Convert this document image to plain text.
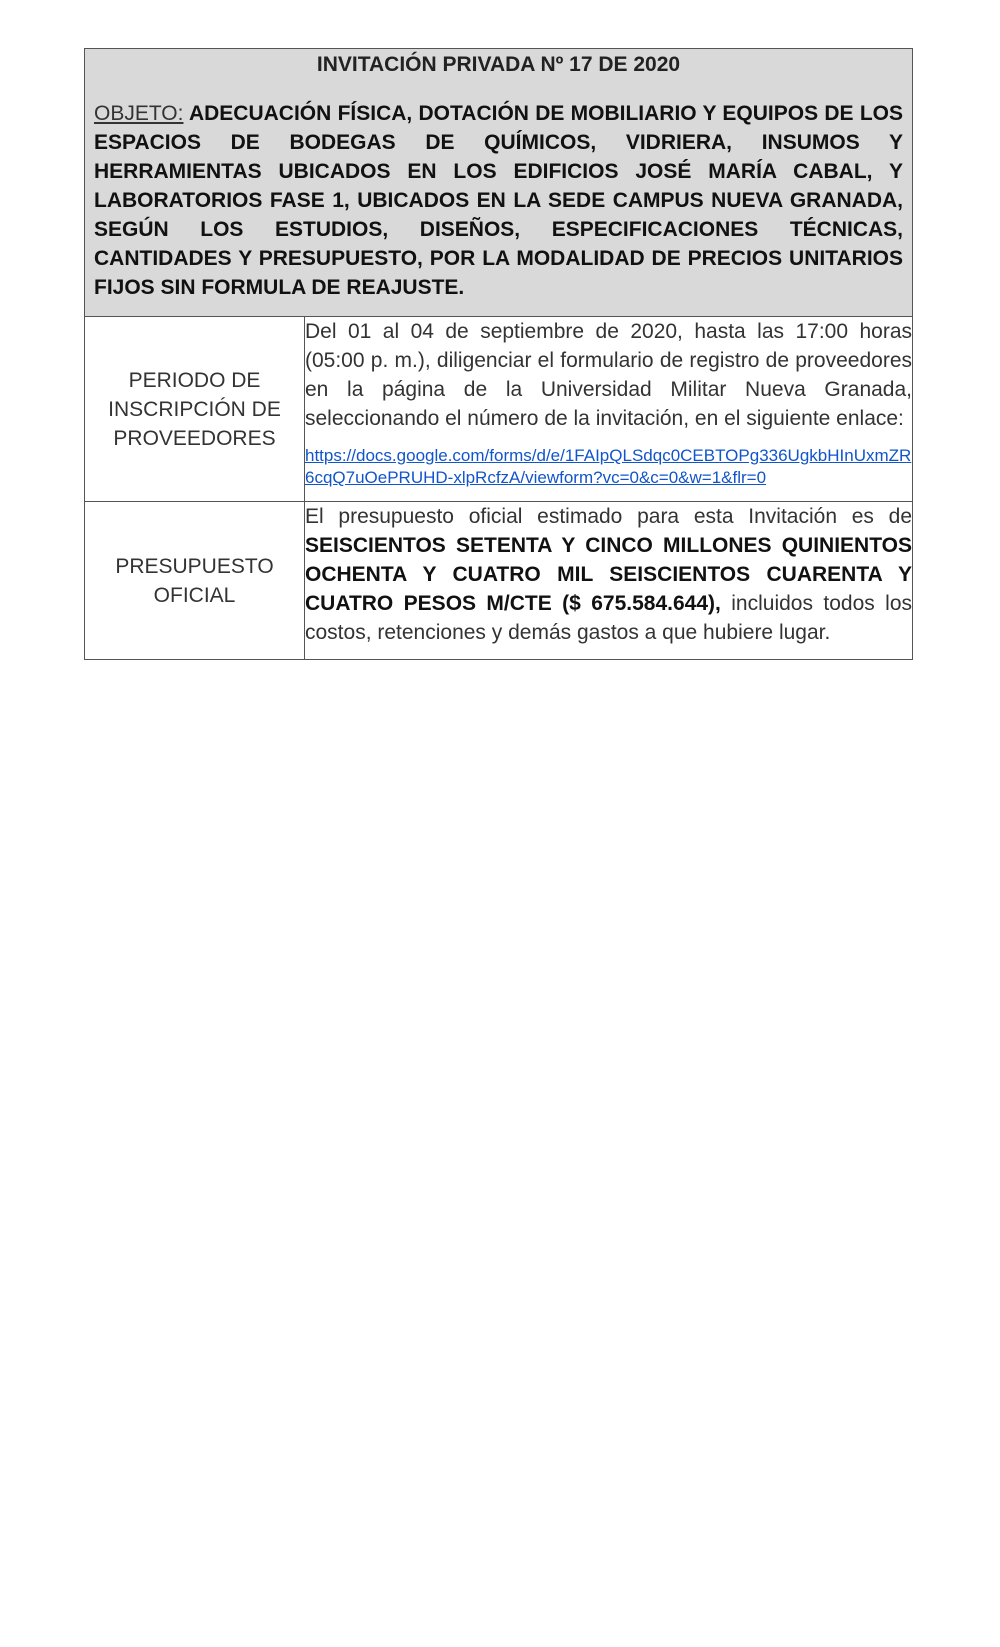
INVITACIÓN PRIVADA Nº 17 DE 2020

OBJETO: ADECUACIÓN FÍSICA, DOTACIÓN DE MOBILIARIO Y EQUIPOS DE LOS ESPACIOS DE BODEGAS DE QUÍMICOS, VIDRIERA, INSUMOS Y HERRAMIENTAS UBICADOS EN LOS EDIFICIOS JOSÉ MARÍA CABAL, Y LABORATORIOS FASE 1, UBICADOS EN LA SEDE CAMPUS NUEVA GRANADA, SEGÚN LOS ESTUDIOS, DISEÑOS, ESPECIFICACIONES TÉCNICAS, CANTIDADES Y PRESUPUESTO, POR LA MODALIDAD DE PRECIOS UNITARIOS FIJOS SIN FORMULA DE REAJUSTE.	

PERIODO DE INSCRIPCIÓN DE PROVEEDORES	Del 01 al 04 de septiembre de 2020, hasta las 17:00 horas (05:00 p. m.), diligenciar el formulario de registro de proveedores en la página de la Universidad Militar Nueva Granada, seleccionando el número de la invitación, en el siguiente enlace:

https://docs.google.com/forms/d/e/1FAIpQLSdqc0CEBTOPg336UgkbHInUxmZR6cqQ7uOePRUHD-xlpRcfzA/viewform?vc=0&c=0&w=1&flr=0

PRESUPUESTO OFICIAL	El presupuesto oficial estimado para esta Invitación es de SEISCIENTOS SETENTA Y CINCO MILLONES QUINIENTOS OCHENTA Y CUATRO MIL SEISCIENTOS CUARENTA Y CUATRO PESOS M/CTE ($ 675.584.644), incluidos todos los costos, retenciones y demás gastos a que hubiere lugar.
